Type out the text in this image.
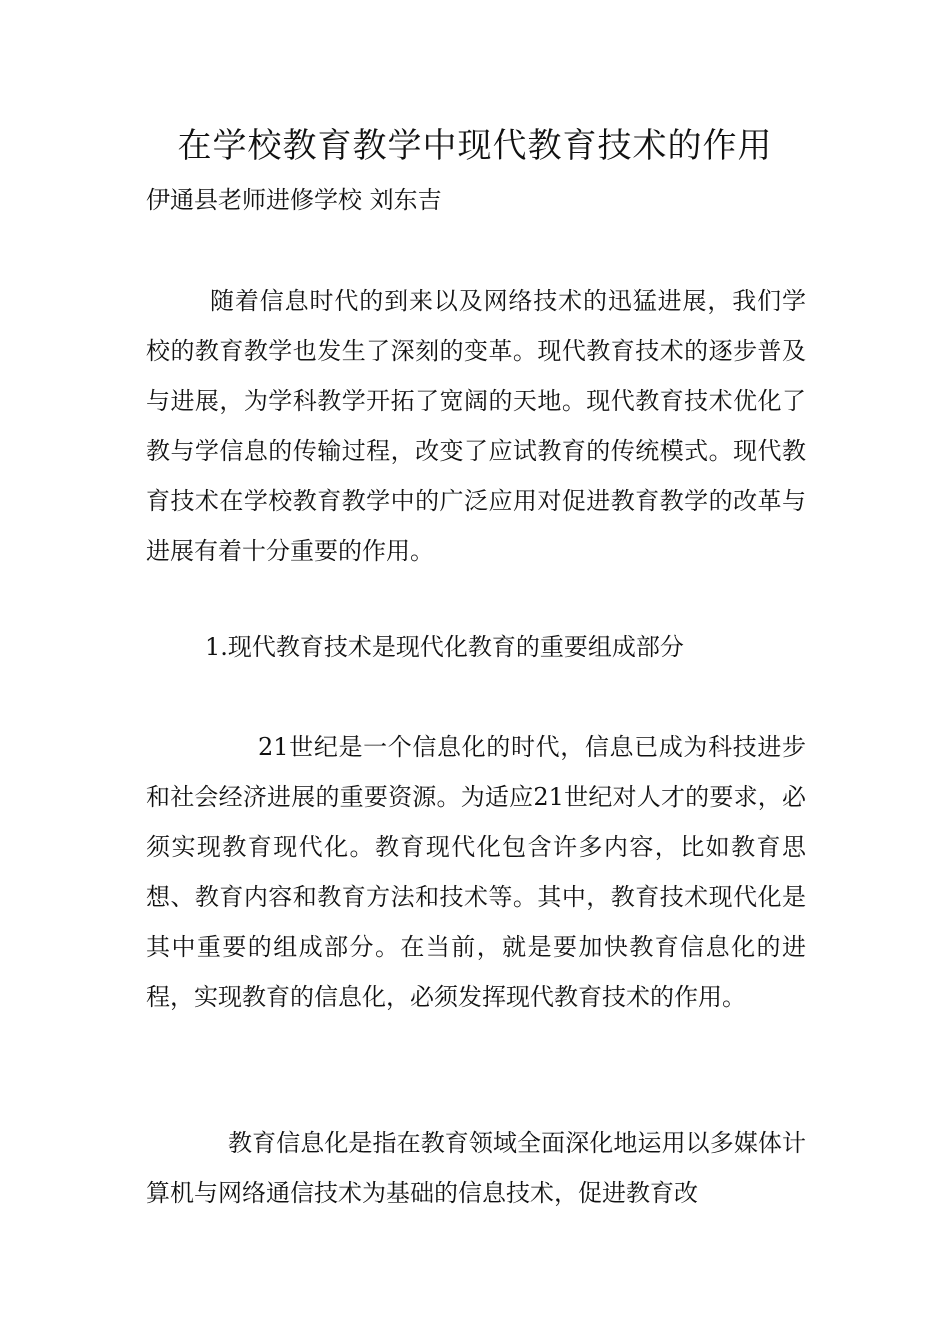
在学校教育教学中现代教育技术的作用

伊通县老师进修学校 刘东吉

随着信息时代的到来以及网络技术的迅猛进展，我们学校的教育教学也发生了深刻的变革。现代教育技术的逐步普及与进展，为学科教学开拓了宽阔的天地。现代教育技术优化了教与学信息的传输过程，改变了应试教育的传统模式。现代教育技术在学校教育教学中的广泛应用对促进教育教学的改革与进展有着十分重要的作用。

1.现代教育技术是现代化教育的重要组成部分

21世纪是一个信息化的时代，信息已成为科技进步和社会经济进展的重要资源。为适应21世纪对人才的要求，必须实现教育现代化。教育现代化包含许多内容，比如教育思想、教育内容和教育方法和技术等。其中，教育技术现代化是其中重要的组成部分。在当前，就是要加快教育信息化的进程，实现教育的信息化，必须发挥现代教育技术的作用。

教育信息化是指在教育领域全面深化地运用以多媒体计算机与网络通信技术为基础的信息技术，促进教育改
